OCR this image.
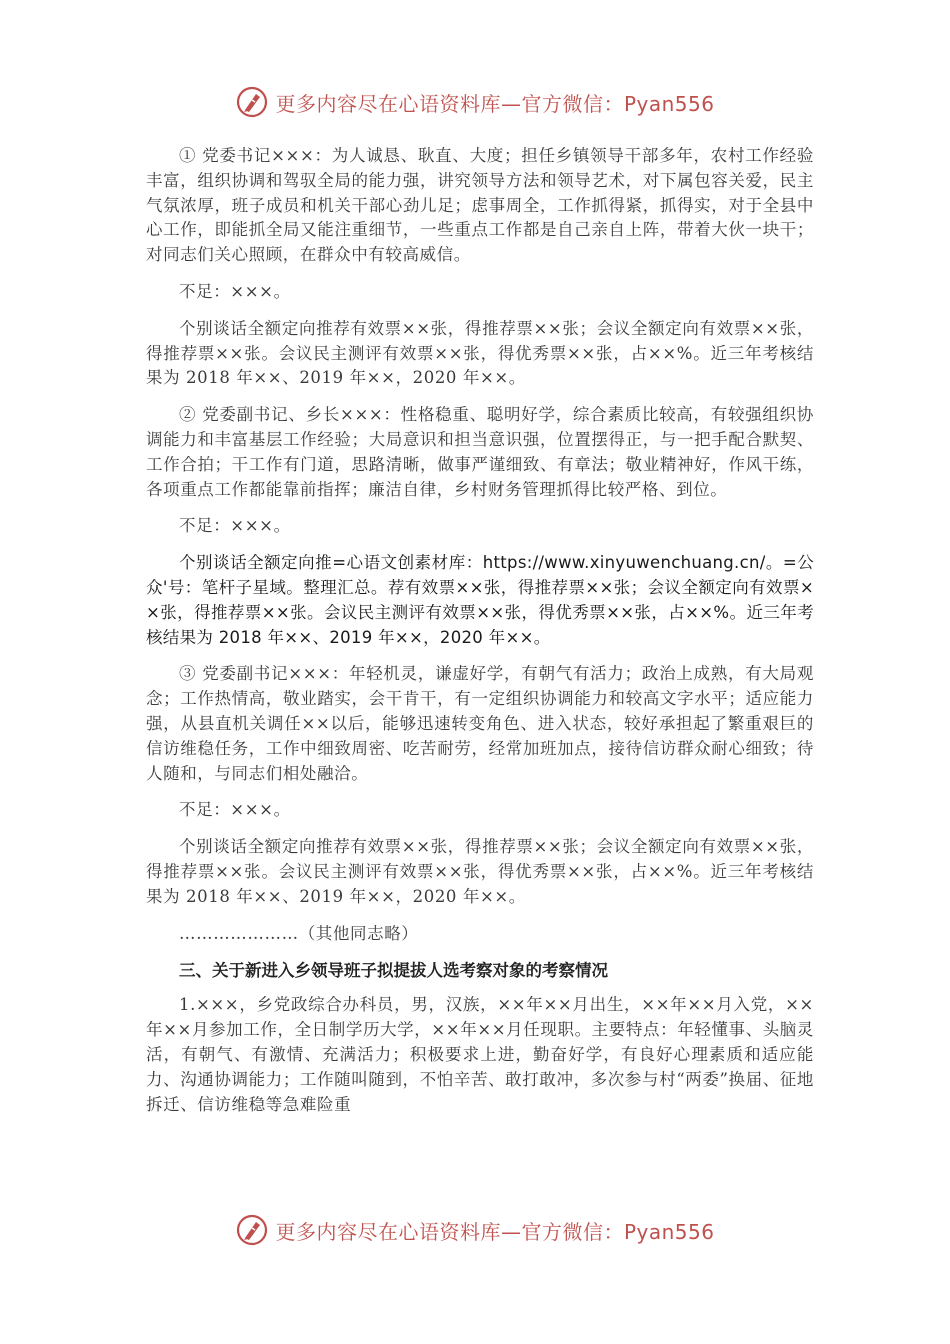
更多内容尽在心语资料库—官方微信：Pyan556

① 党委书记×××：为人诚恳、耿直、大度；担任乡镇领导干部多年，农村工作经验丰富，组织协调和驾驭全局的能力强，讲究领导方法和领导艺术，对下属包容关爱，民主气氛浓厚，班子成员和机关干部心劲儿足；虑事周全，工作抓得紧，抓得实，对于全县中心工作，即能抓全局又能注重细节，一些重点工作都是自己亲自上阵，带着大伙一块干；对同志们关心照顾，在群众中有较高威信。

不足：×××。

个别谈话全额定向推荐有效票××张，得推荐票××张；会议全额定向有效票××张，得推荐票××张。会议民主测评有效票××张，得优秀票××张，占××%。近三年考核结果为 2018 年××、2019 年××，2020 年××。

② 党委副书记、乡长×××：性格稳重、聪明好学，综合素质比较高，有较强组织协调能力和丰富基层工作经验；大局意识和担当意识强，位置摆得正，与一把手配合默契、工作合拍；干工作有门道，思路清晰，做事严谨细致、有章法；敬业精神好，作风干练，各项重点工作都能靠前指挥；廉洁自律，乡村财务管理抓得比较严格、到位。

不足：×××。

个别谈话全额定向推=心语文创素材库：https://www.xinyuwenchuang.cn/。=公众'号：笔杆子星域。整理汇总。荐有效票××张，得推荐票××张；会议全额定向有效票××张，得推荐票××张。会议民主测评有效票××张，得优秀票××张，占××%。近三年考核结果为 2018 年××、2019 年××，2020 年××。

③ 党委副书记×××：年轻机灵，谦虚好学，有朝气有活力；政治上成熟，有大局观念；工作热情高，敬业踏实，会干肯干，有一定组织协调能力和较高文字水平；适应能力强，从县直机关调任××以后，能够迅速转变角色、进入状态，较好承担起了繁重艰巨的信访维稳任务，工作中细致周密、吃苦耐劳，经常加班加点，接待信访群众耐心细致；待人随和，与同志们相处融洽。

不足：×××。

个别谈话全额定向推荐有效票××张，得推荐票××张；会议全额定向有效票××张，得推荐票××张。会议民主测评有效票××张，得优秀票××张，占××%。近三年考核结果为 2018 年××、2019 年××，2020 年××。

…………………（其他同志略）

三、关于新进入乡领导班子拟提拔人选考察对象的考察情况

1.×××，乡党政综合办科员，男，汉族，××年××月出生，××年××月入党，××年××月参加工作，全日制学历大学，××年××月任现职。主要特点：年轻懂事、头脑灵活，有朝气、有激情、充满活力；积极要求上进，勤奋好学，有良好心理素质和适应能力、沟通协调能力；工作随叫随到，不怕辛苦、敢打敢冲，多次参与村“两委”换届、征地拆迁、信访维稳等急难险重

更多内容尽在心语资料库—官方微信：Pyan556
